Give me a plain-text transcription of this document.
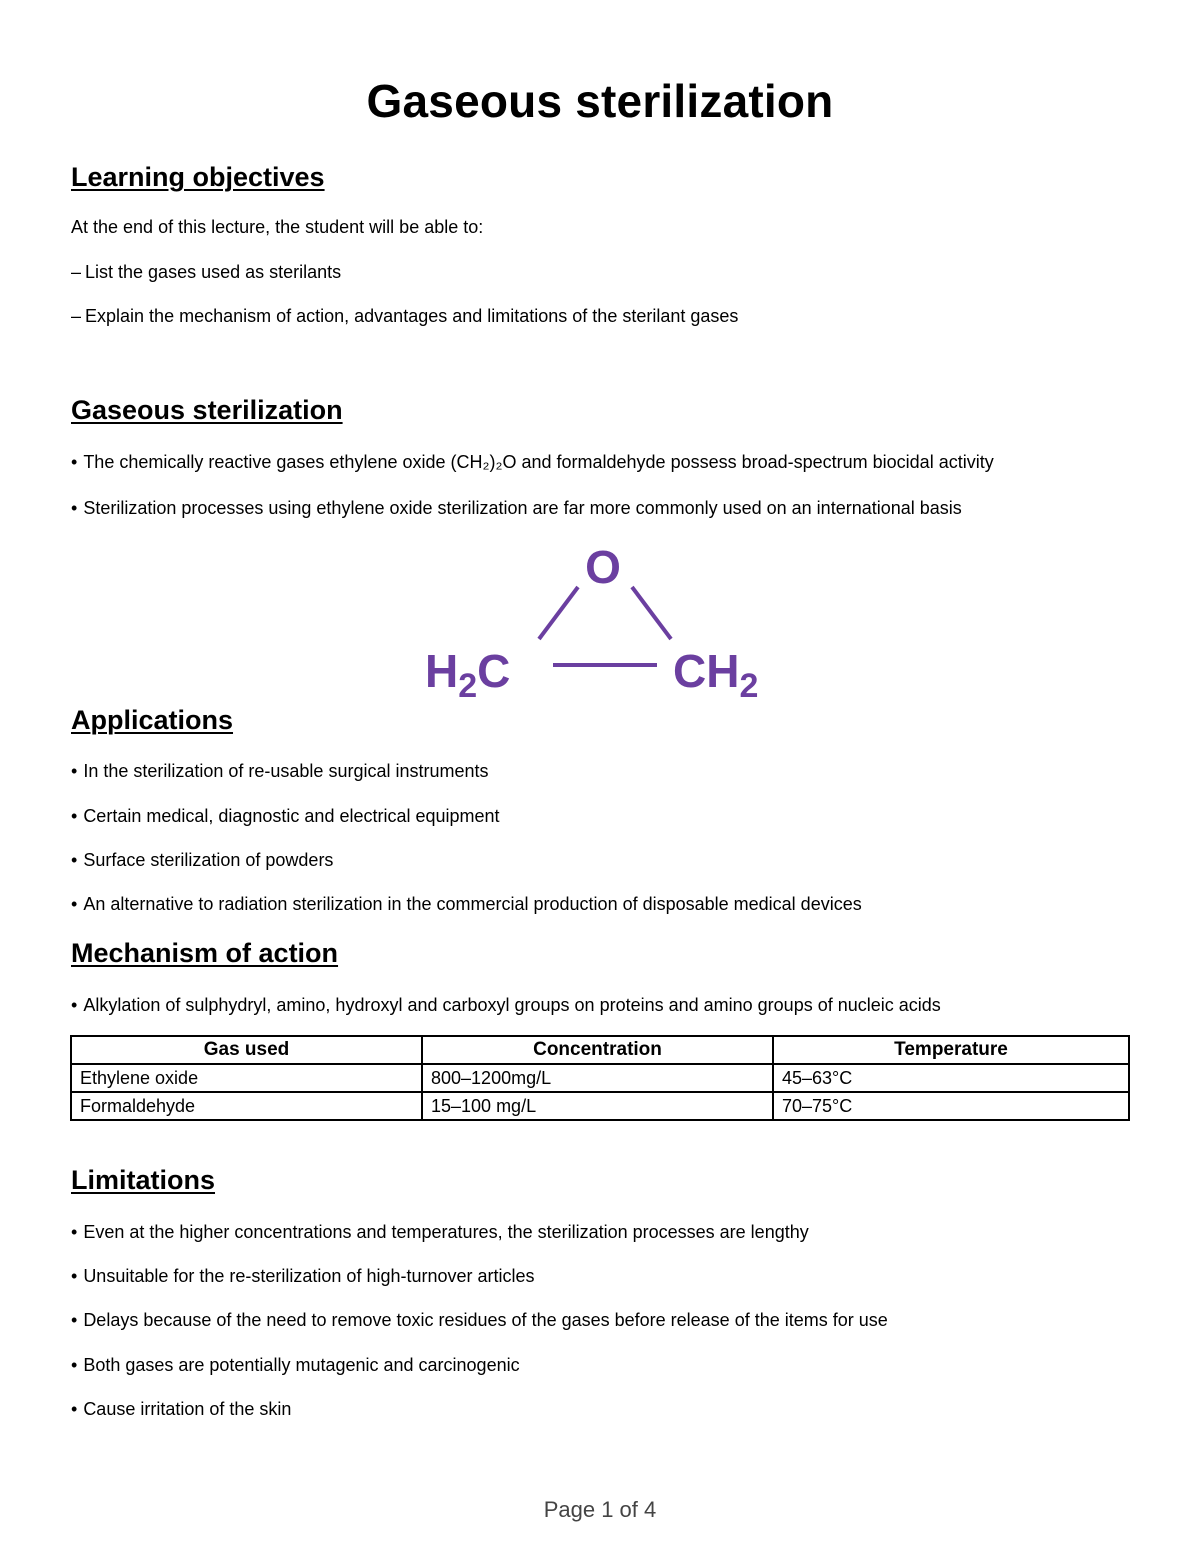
Gaseous sterilization
Learning objectives
At the end of this lecture, the student will be able to:
– List the gases used as sterilants
– Explain the mechanism of action, advantages and limitations of the sterilant gases
Gaseous sterilization
• The chemically reactive gases ethylene oxide (CH₂)₂O and formaldehyde possess broad-spectrum biocidal activity
• Sterilization processes using ethylene oxide sterilization are far more commonly used on an international basis
O
$H_2C$	$CH_2$
Applications
• In the sterilization of re-usable surgical instruments
• Certain medical, diagnostic and electrical equipment
• Surface sterilization of powders
• An alternative to radiation sterilization in the commercial production of disposable medical devices
Mechanism of action
• Alkylation of sulphydryl, amino, hydroxyl and carboxyl groups on proteins and amino groups of nucleic acids
Gas used	Concentration	Temperature
Ethylene oxide	800–1200mg/L	45–63°C
Formaldehyde	15–100 mg/L	70–75°C
Limitations
• Even at the higher concentrations and temperatures, the sterilization processes are lengthy
• Unsuitable for the re-sterilization of high-turnover articles
• Delays because of the need to remove toxic residues of the gases before release of the items for use
• Both gases are potentially mutagenic and carcinogenic
• Cause irritation of the skin
Page 1 of 4
